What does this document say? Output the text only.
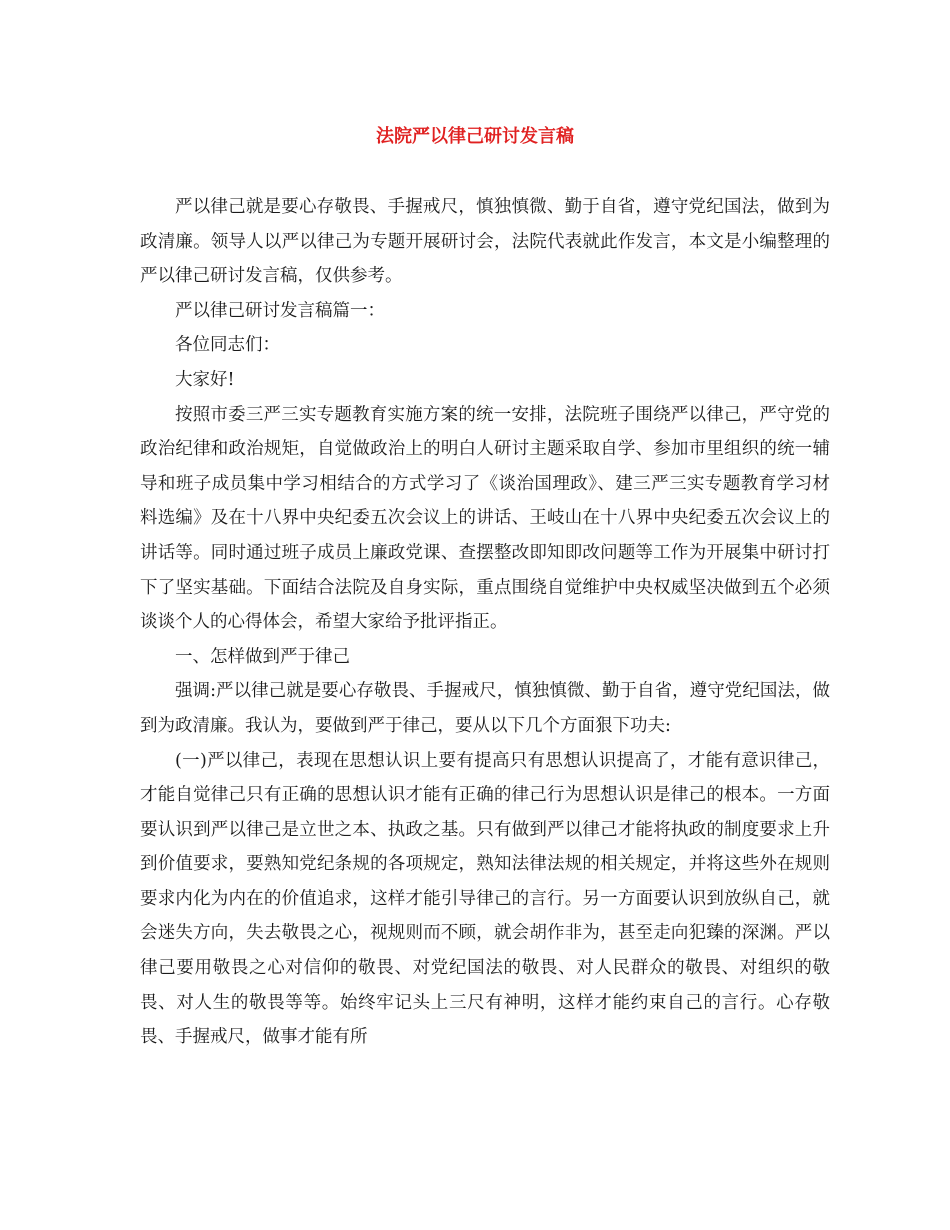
法院严以律己研讨发言稿

严以律己就是要心存敬畏、手握戒尺，慎独慎微、勤于自省，遵守党纪国法，做到为政清廉。领导人以严以律己为专题开展研讨会，法院代表就此作发言，本文是小编整理的严以律己研讨发言稿，仅供参考。

严以律己研讨发言稿篇一：

各位同志们：

大家好!

按照市委三严三实专题教育实施方案的统一安排，法院班子围绕严以律己，严守党的政治纪律和政治规矩，自觉做政治上的明白人研讨主题采取自学、参加市里组织的统一辅导和班子成员集中学习相结合的方式学习了《谈治国理政》、建三严三实专题教育学习材料选编》及在十八界中央纪委五次会议上的讲话、王岐山在十八界中央纪委五次会议上的讲话等。同时通过班子成员上廉政党课、查摆整改即知即改问题等工作为开展集中研讨打下了坚实基础。下面结合法院及自身实际，重点围绕自觉维护中央权威坚决做到五个必须谈谈个人的心得体会，希望大家给予批评指正。

一、怎样做到严于律己

强调:严以律己就是要心存敬畏、手握戒尺，慎独慎微、勤于自省，遵守党纪国法，做到为政清廉。我认为，要做到严于律己，要从以下几个方面狠下功夫:

(一)严以律己，表现在思想认识上要有提高只有思想认识提高了，才能有意识律己，才能自觉律己只有正确的思想认识才能有正确的律己行为思想认识是律己的根本。一方面要认识到严以律己是立世之本、执政之基。只有做到严以律己才能将执政的制度要求上升到价值要求，要熟知党纪条规的各项规定，熟知法律法规的相关规定，并将这些外在规则要求内化为内在的价值追求，这样才能引导律己的言行。另一方面要认识到放纵自己，就会迷失方向，失去敬畏之心，视规则而不顾，就会胡作非为，甚至走向犯臻的深渊。严以律己要用敬畏之心对信仰的敬畏、对党纪国法的敬畏、对人民群众的敬畏、对组织的敬畏、对人生的敬畏等等。始终牢记头上三尺有神明，这样才能约束自己的言行。心存敬畏、手握戒尺，做事才能有所
